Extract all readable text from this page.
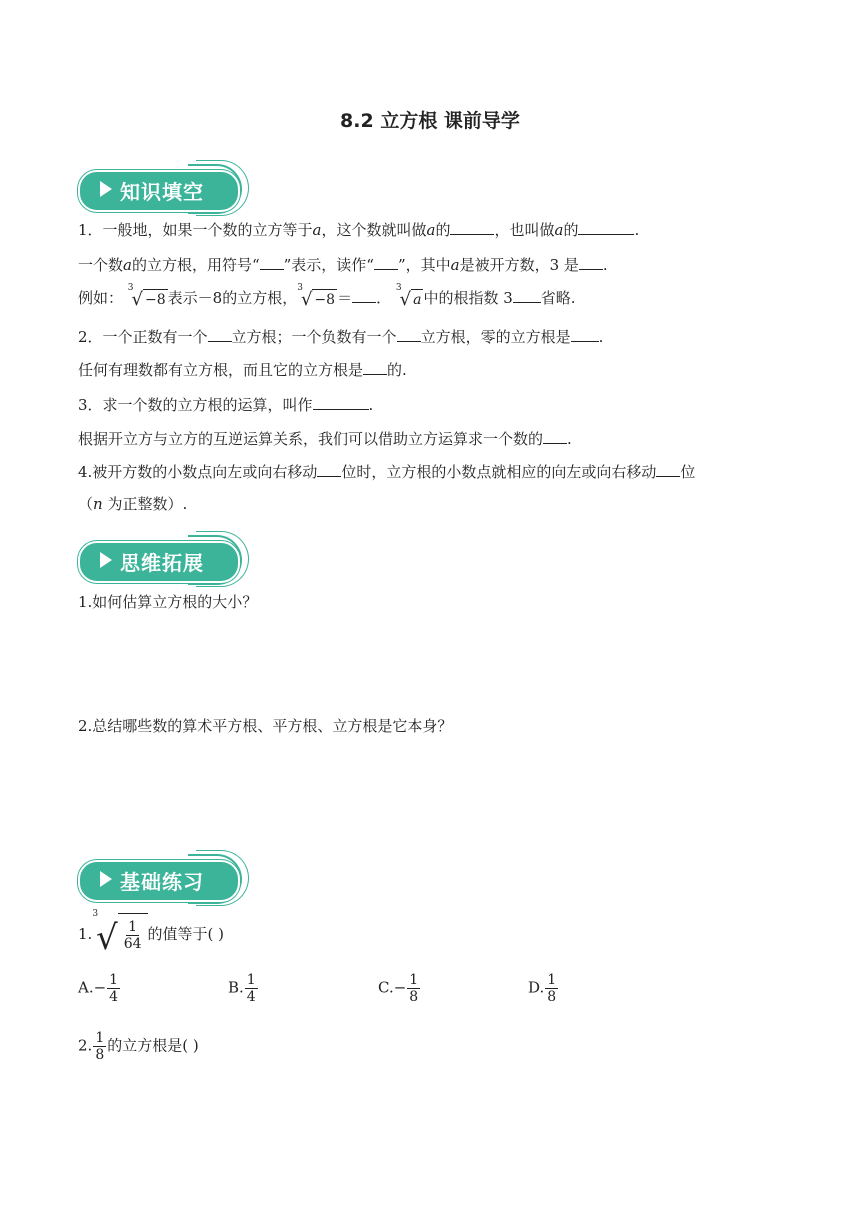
8.2 立方根 课前导学
知识填空
1．一般地，如果一个数的立方等于a，这个数就叫做a的	，也叫做a的	.
一个数a的立方根，用符号“ ”表示，读作“ ”，其中a是被开方数，3 是 .
例如：
3
√ −8 表示－8的立方根，
3
√ −8 ＝ ．
3
√ a 中的根指数 3 省略.
2．一个正数有一个 立方根；一个负数有一个 立方根，零的立方根是 .
任何有理数都有立方根，而且它的立方根是 的.
3．求一个数的立方根的运算，叫作	.
根据开立方与立方的互逆运算关系，我们可以借助立方运算求一个数的 .
4.被开方数的小数点向左或向右移动 位时，立方根的小数点就相应的向左或向右移动 位
（n 为正整数）.
思维拓展
1.如何估算立方根的大小？
2.总结哪些数的算术平方根、平方根、立方根是它本身？
基础练习
1.
3
√ $\frac{1}{64}$ 的值等于( )
$A.- \frac{1}{4}$	B. $\frac{1}{4}$	$C.- \frac{1}{8}$	D. $\frac{1}{8}$
2. $\frac{1}{8}$ 的立方根是( )
